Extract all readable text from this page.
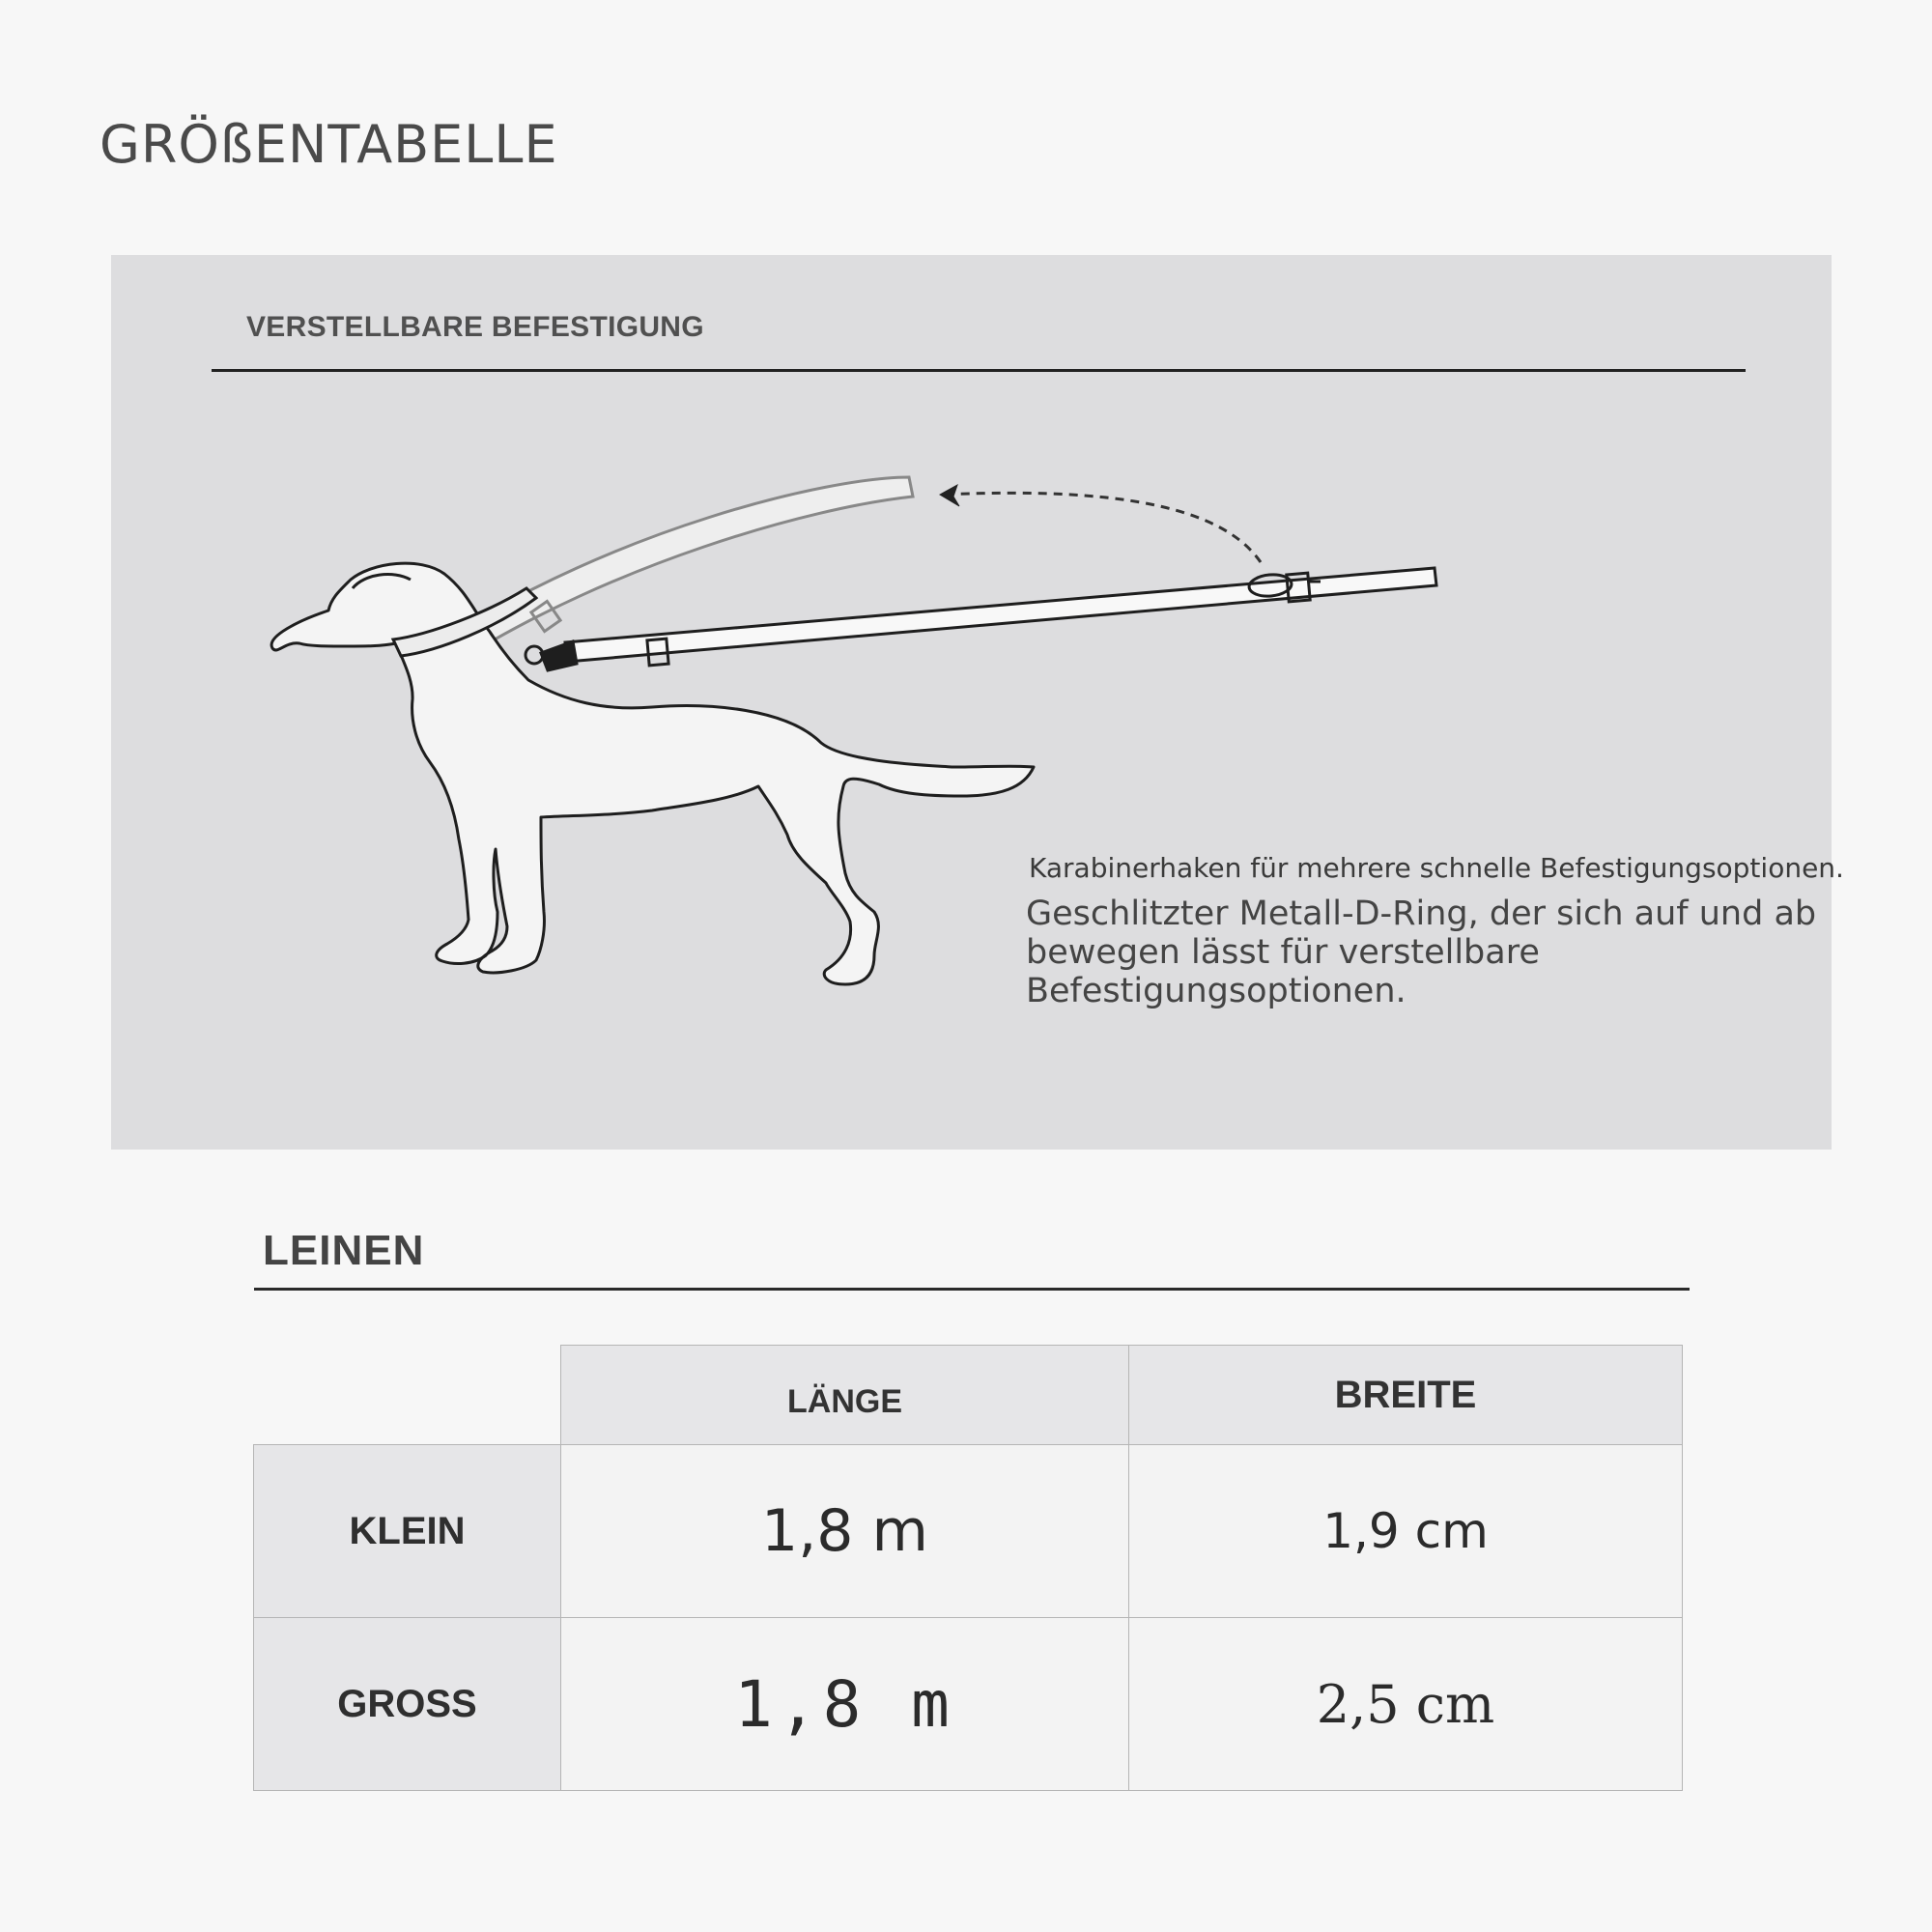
GRÖßENTABELLE
VERSTELLBARE BEFESTIGUNG
Karabinerhaken für mehrere schnelle Befestigungsoptionen.
Geschlitzter Metall-D-Ring, der sich auf und ab bewegen lässt für verstellbare Befestigungsoptionen.
LEINEN
	LÄNGE	BREITE
KLEIN	1,8 m	1,9 cm
GROSS	1,8 m	2,5 cm
